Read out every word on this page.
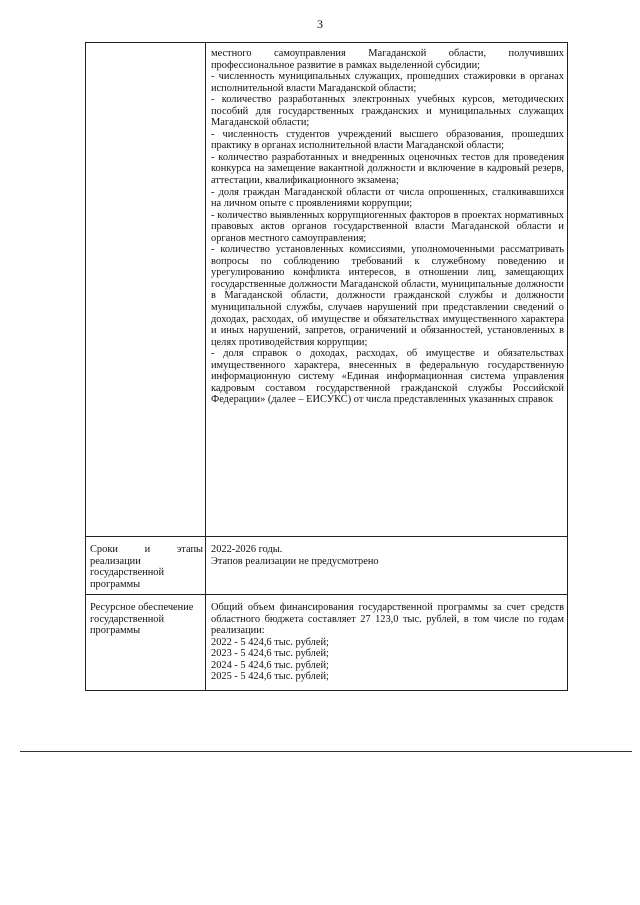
3

местного самоуправления Магаданской области, получивших профессиональное развитие в рамках выделенной субсидии;

- численность муниципальных служащих, прошедших стажировки в органах исполнительной власти Магаданской области;

- количество разработанных электронных учебных курсов, методических пособий для государственных гражданских и муниципальных служащих Магаданской области;

- численность студентов учреждений высшего образования, прошедших практику в органах исполнительной власти Магаданской области;

- количество разработанных и внедренных оценочных тестов для проведения конкурса на замещение вакантной должности и включение в кадровый резерв, аттестации, квалификационного экзамена;

- доля граждан Магаданской области от числа опрошенных, сталкивавшихся на личном опыте с проявлениями коррупции;

- количество выявленных коррупциогенных факторов в проектах нормативных правовых актов органов государственной власти Магаданской области и органов местного самоуправления;

- количество установленных комиссиями, уполномоченными рассматривать вопросы по соблюдению требований к служебному поведению и урегулированию конфликта интересов, в отношении лиц, замещающих государственные должности Магаданской области, муниципальные должности в Магаданской области, должности гражданской службы и должности муниципальной службы, случаев нарушений при представлении сведений о доходах, расходах, об имуществе и обязательствах имущественного характера и иных нарушений, запретов, ограничений и обязанностей, установленных в целях противодействия коррупции;

- доля справок о доходах, расходах, об имуществе и обязательствах имущественного характера, внесенных в федеральную государственную информационную систему «Единая информационная система управления кадровым составом государственной гражданской службы Российской Федерации» (далее – ЕИСУКС) от числа представленных указанных справок

Сроки и этапы реализации государственной программы

2022-2026 годы.

Этапов реализации не предусмотрено

Ресурсное обеспечение государственной программы

Общий объем финансирования государственной программы за счет средств областного бюджета составляет 27 123,0 тыс. рублей, в том числе по годам реализации:

2022 - 5 424,6 тыс. рублей;

2023 - 5 424,6 тыс. рублей;

2024 - 5 424,6 тыс. рублей;

2025 - 5 424,6 тыс. рублей;
